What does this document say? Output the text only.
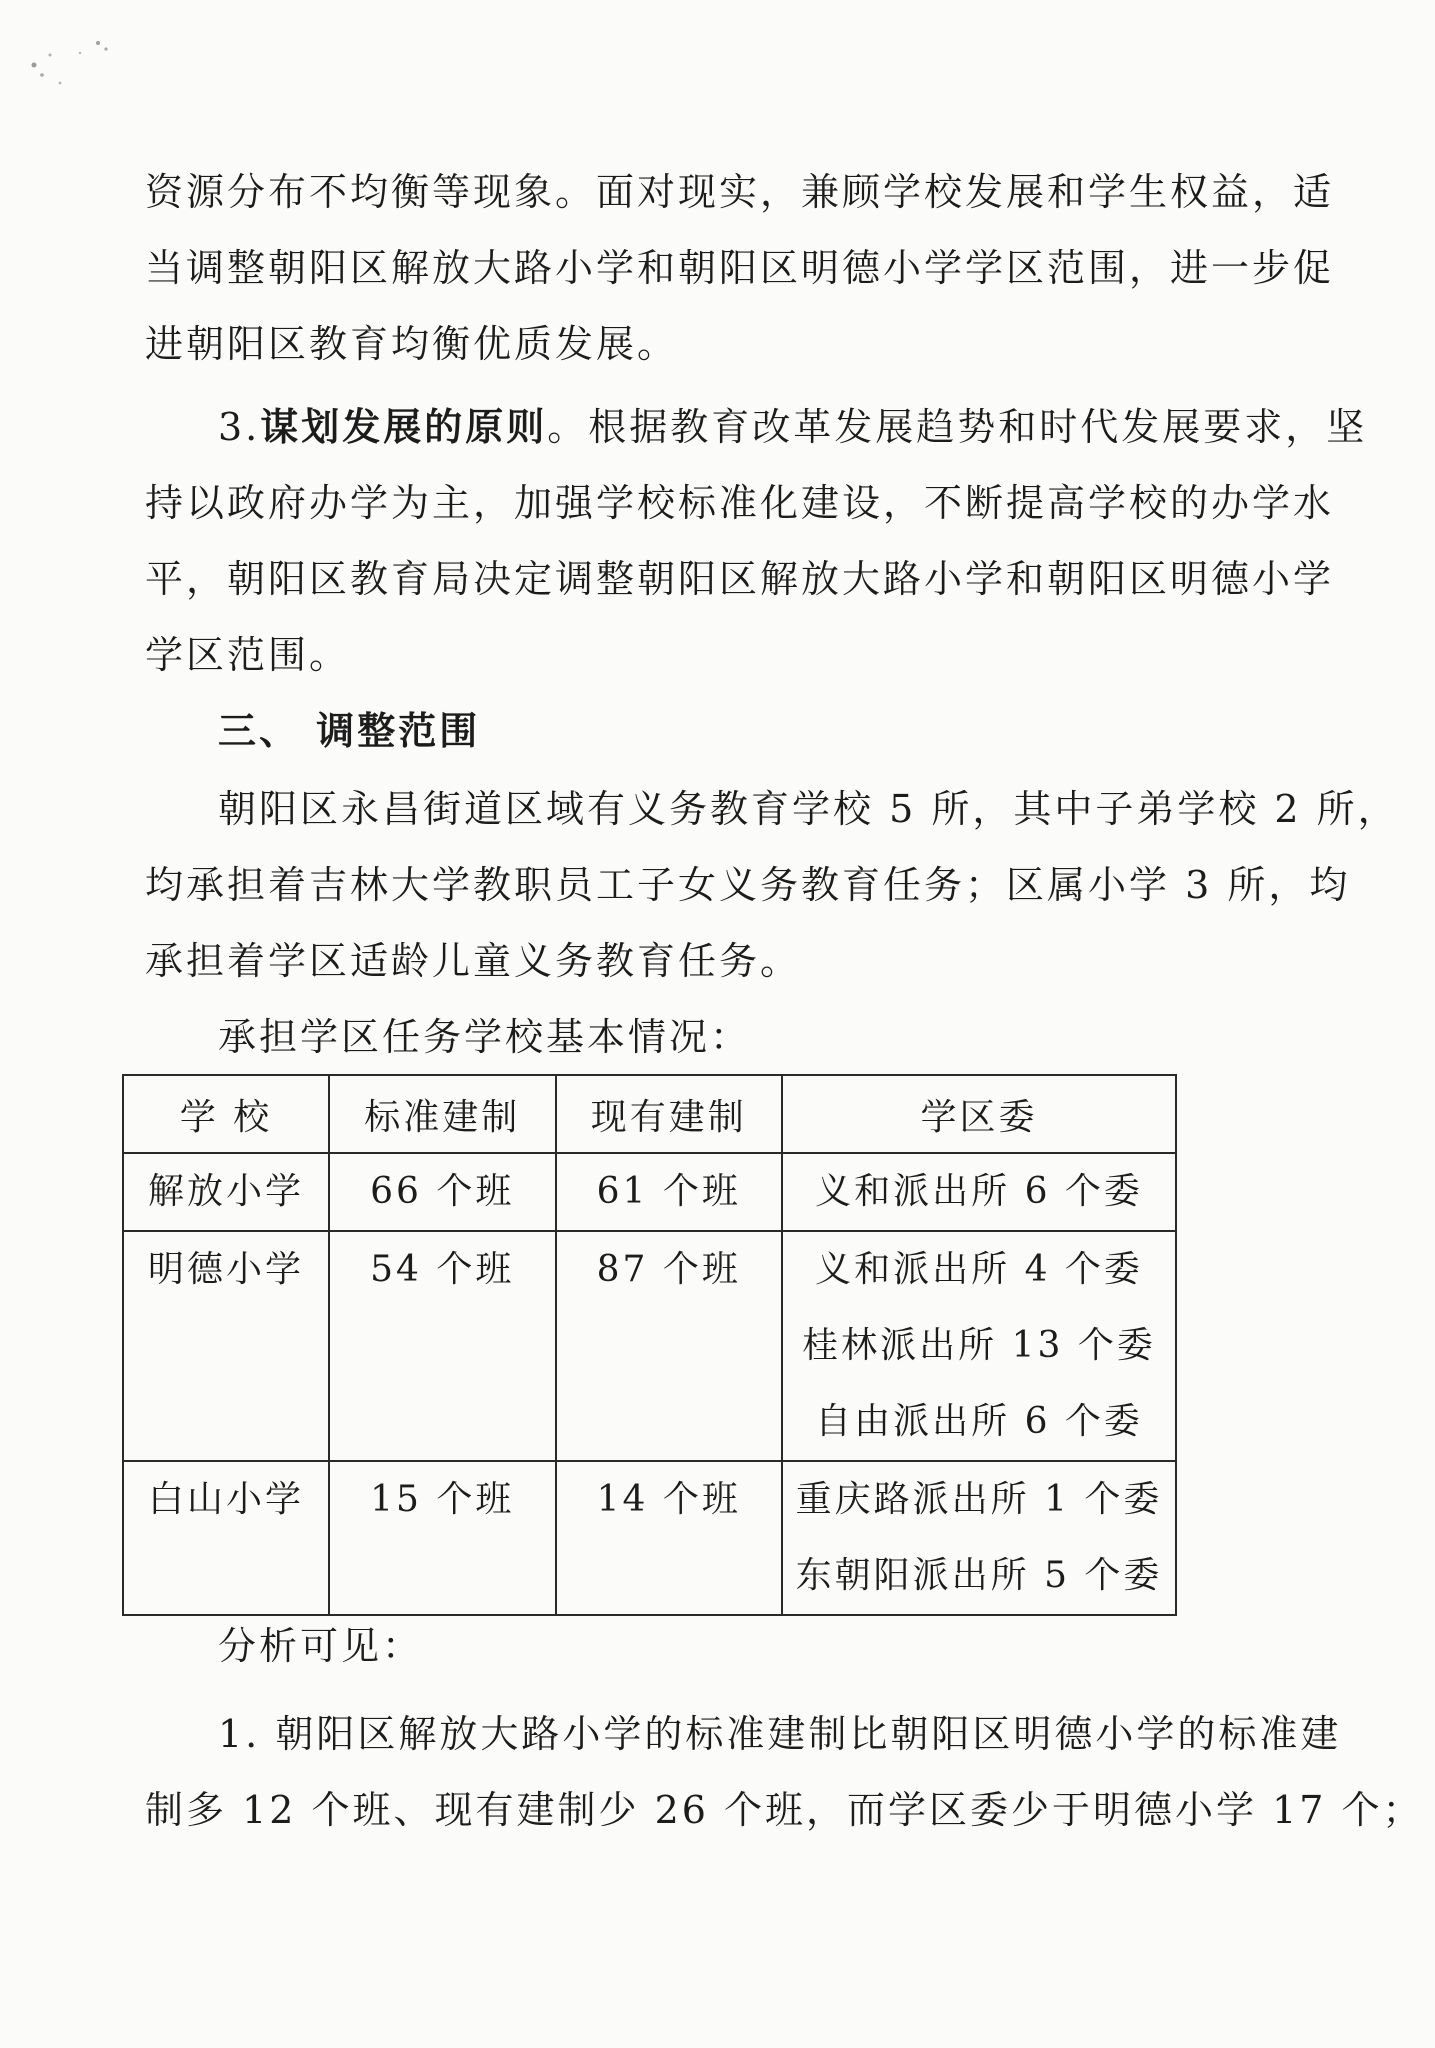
资源分布不均衡等现象。面对现实，兼顾学校发展和学生权益，适
当调整朝阳区解放大路小学和朝阳区明德小学学区范围，进一步促
进朝阳区教育均衡优质发展。
3.谋划发展的原则。根据教育改革发展趋势和时代发展要求，坚
持以政府办学为主，加强学校标准化建设，不断提高学校的办学水
平，朝阳区教育局决定调整朝阳区解放大路小学和朝阳区明德小学
学区范围。
三、 调整范围
朝阳区永昌街道区域有义务教育学校 5 所，其中子弟学校 2 所，
均承担着吉林大学教职员工子女义务教育任务；区属小学 3 所，均
承担着学区适龄儿童义务教育任务。
承担学区任务学校基本情况：
学 校	标准建制	现有建制	学区委

解放小学	66 个班	61 个班	义和派出所 6 个委

明德小学	54 个班	87 个班	义和派出所 4 个委
桂林派出所 13 个委
自由派出所 6 个委

白山小学	15 个班	14 个班	重庆路派出所 1 个委
东朝阳派出所 5 个委
分析可见：
1. 朝阳区解放大路小学的标准建制比朝阳区明德小学的标准建
制多 12 个班、现有建制少 26 个班，而学区委少于明德小学 17 个；
